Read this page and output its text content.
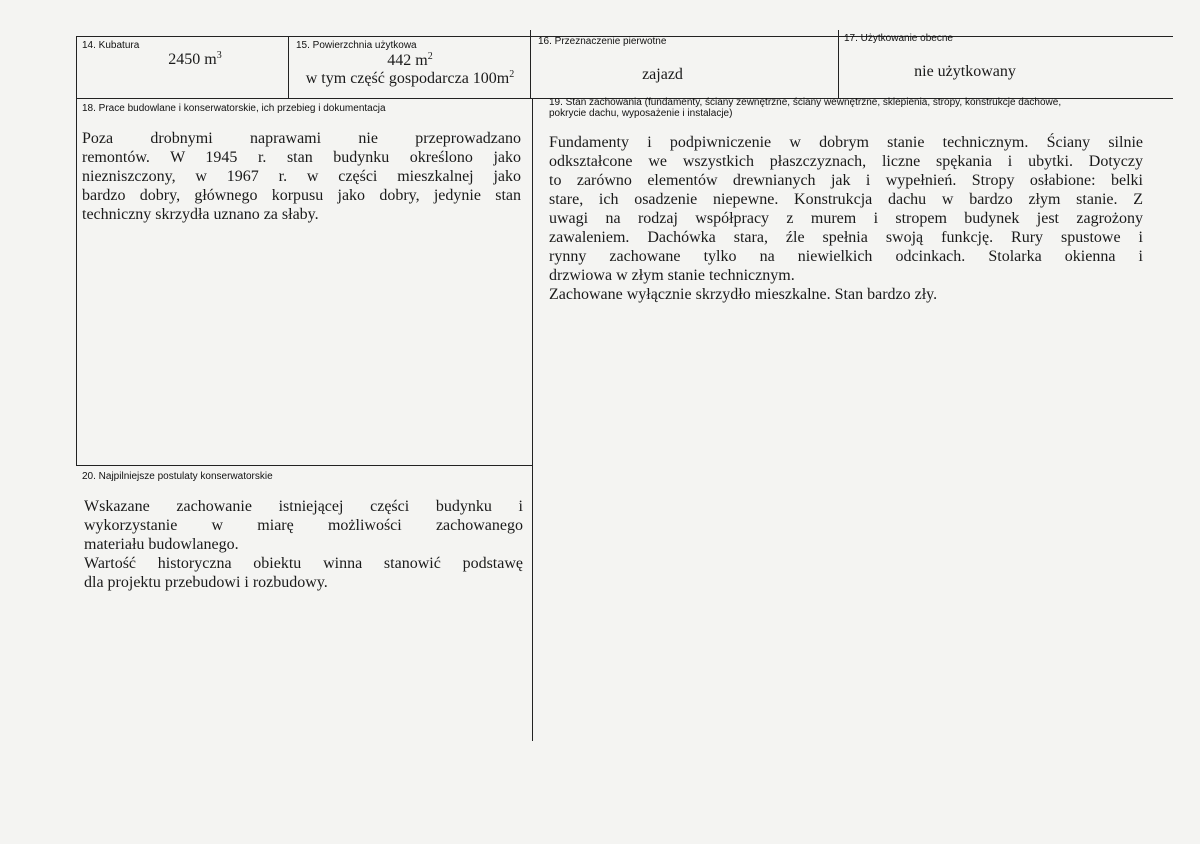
14. Kubatura
2450 $m^3$
15. Powierzchnia użytkowa
442 $m^2$
w tym część gospodarcza $100m^2$
16. Przeznaczenie pierwotne
zajazd
17. Użytkowanie obecne
nie użytkowany
18. Prace budowlane i konserwatorskie, ich przebieg i dokumentacja

Poza drobnymi naprawami nie przeprowadzano
remontów. W 1945 r. stan budynku określono jako
niezniszczony, w 1967 r. w części mieszkalnej jako
bardzo dobry, głównego korpusu jako dobry, jedynie stan
techniczny skrzydła uznano za słaby.

19. Stan zachowania (fundamenty, ściany zewnętrzne, ściany wewnętrzne, sklepienia, stropy, konstrukcje dachowe,
pokrycie dachu, wyposażenie i instalacje)

Fundamenty i podpiwniczenie w dobrym stanie technicznym. Ściany silnie
odkształcone we wszystkich płaszczyznach, liczne spękania i ubytki. Dotyczy
to zarówno elementów drewnianych jak i wypełnień. Stropy osłabione: belki
stare, ich osadzenie niepewne. Konstrukcja dachu w bardzo złym stanie. Z
uwagi na rodzaj współpracy z murem i stropem budynek jest zagrożony
zawaleniem. Dachówka stara, źle spełnia swoją funkcję. Rury spustowe i
rynny zachowane tylko na niewielkich odcinkach. Stolarka okienna i
drzwiowa w złym stanie technicznym.
Zachowane wyłącznie skrzydło mieszkalne. Stan bardzo zły.

20. Najpilniejsze postulaty konserwatorskie

Wskazane zachowanie istniejącej części budynku i
wykorzystanie w miarę możliwości zachowanego
materiału budowlanego.
Wartość historyczna obiektu winna stanowić podstawę
dla projektu przebudowi i rozbudowy.
